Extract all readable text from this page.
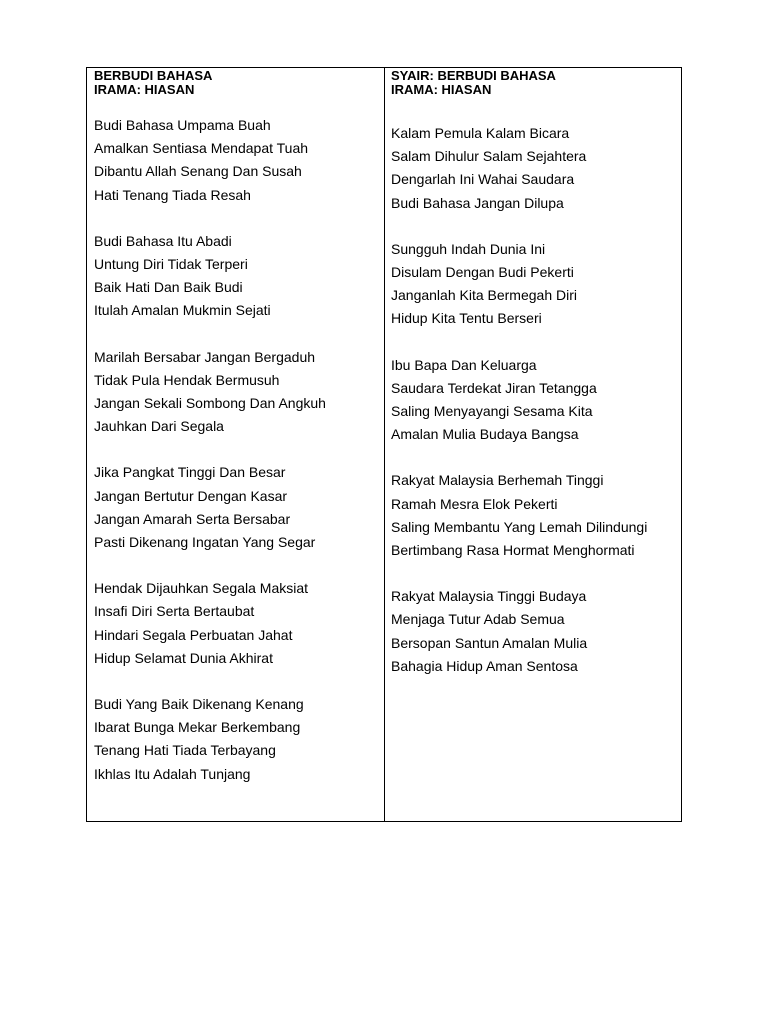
BERBUDI BAHASA
IRAMA: HIASAN
Budi Bahasa Umpama Buah
Amalkan Sentiasa Mendapat Tuah
Dibantu Allah Senang Dan Susah
Hati Tenang Tiada Resah
Budi Bahasa Itu Abadi
Untung Diri Tidak Terperi
Baik Hati Dan Baik Budi
Itulah Amalan Mukmin Sejati
Marilah Bersabar Jangan Bergaduh
Tidak Pula Hendak Bermusuh
Jangan Sekali Sombong Dan Angkuh
Jauhkan Dari Segala
Jika Pangkat Tinggi Dan Besar
Jangan Bertutur Dengan Kasar
Jangan Amarah Serta Bersabar
Pasti Dikenang Ingatan Yang Segar
Hendak Dijauhkan Segala Maksiat
Insafi Diri Serta Bertaubat
Hindari Segala Perbuatan Jahat
Hidup Selamat Dunia Akhirat
Budi Yang Baik Dikenang Kenang
Ibarat Bunga Mekar Berkembang
Tenang Hati Tiada Terbayang
Ikhlas Itu Adalah Tunjang
SYAIR: BERBUDI BAHASA
IRAMA: HIASAN
Kalam Pemula Kalam Bicara
Salam Dihulur Salam Sejahtera
Dengarlah Ini Wahai Saudara
Budi Bahasa Jangan Dilupa
Sungguh Indah Dunia Ini
Disulam Dengan Budi Pekerti
Janganlah Kita Bermegah Diri
Hidup Kita Tentu Berseri
Ibu Bapa Dan Keluarga
Saudara Terdekat Jiran Tetangga
Saling Menyayangi Sesama Kita
Amalan Mulia Budaya Bangsa
Rakyat Malaysia Berhemah Tinggi
Ramah Mesra Elok Pekerti
Saling Membantu Yang Lemah Dilindungi
Bertimbang Rasa Hormat Menghormati
Rakyat Malaysia Tinggi Budaya
Menjaga Tutur Adab Semua
Bersopan Santun Amalan Mulia
Bahagia Hidup Aman Sentosa
